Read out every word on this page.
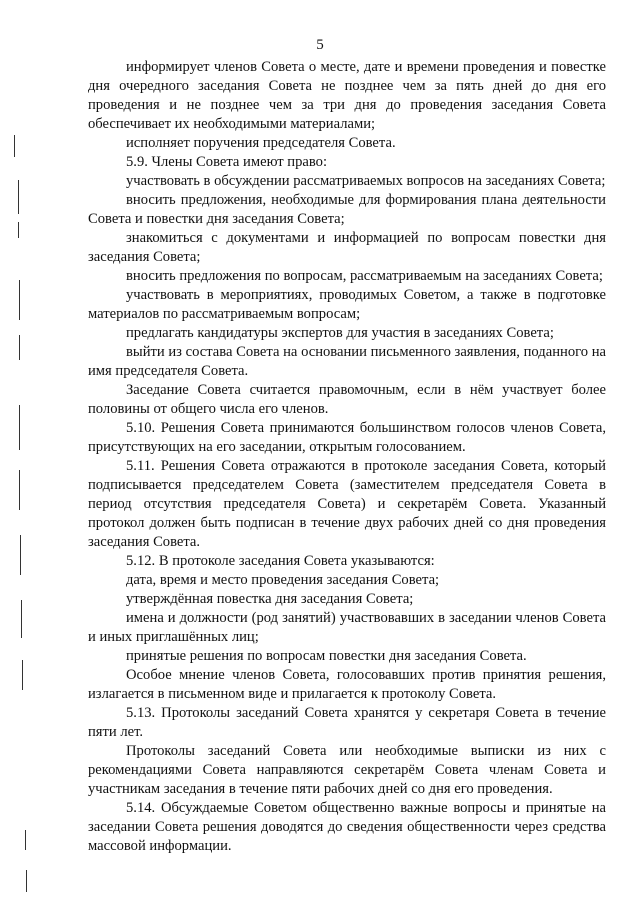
5

информирует членов Совета о месте, дате и времени проведения и повестке дня очередного заседания Совета не позднее чем за пять дней до дня его проведения и не позднее чем за три дня до проведения заседания Совета обеспечивает их необходимыми материалами;

исполняет поручения председателя Совета.

5.9. Члены Совета имеют право:

участвовать в обсуждении рассматриваемых вопросов на заседаниях Совета;

вносить предложения, необходимые для формирования плана деятельности Совета и повестки дня заседания Совета;

знакомиться с документами и информацией по вопросам повестки дня заседания Совета;

вносить предложения по вопросам, рассматриваемым на заседаниях Совета;

участвовать в мероприятиях, проводимых Советом, а также в подготовке материалов по рассматриваемым вопросам;

предлагать кандидатуры экспертов для участия в заседаниях Совета;

выйти из состава Совета на основании письменного заявления, поданного на имя председателя Совета.

Заседание Совета считается правомочным, если в нём участвует более половины от общего числа его членов.

5.10. Решения Совета принимаются большинством голосов членов Совета, присутствующих на его заседании, открытым голосованием.

5.11. Решения Совета отражаются в протоколе заседания Совета, который подписывается председателем Совета (заместителем председателя Совета в период отсутствия председателя Совета) и секретарём Совета. Указанный протокол должен быть подписан в течение двух рабочих дней со дня проведения заседания Совета.

5.12. В протоколе заседания Совета указываются:

дата, время и место проведения заседания Совета;

утверждённая повестка дня заседания Совета;

имена и должности (род занятий) участвовавших в заседании членов Совета и иных приглашённых лиц;

принятые решения по вопросам повестки дня заседания Совета.

Особое мнение членов Совета, голосовавших против принятия решения, излагается в письменном виде и прилагается к протоколу Совета.

5.13. Протоколы заседаний Совета хранятся у секретаря Совета в течение пяти лет.

Протоколы заседаний Совета или необходимые выписки из них с рекомендациями Совета направляются секретарём Совета членам Совета и участникам заседания в течение пяти рабочих дней со дня его проведения.

5.14. Обсуждаемые Советом общественно важные вопросы и принятые на заседании Совета решения доводятся до сведения общественности через средства массовой информации.
